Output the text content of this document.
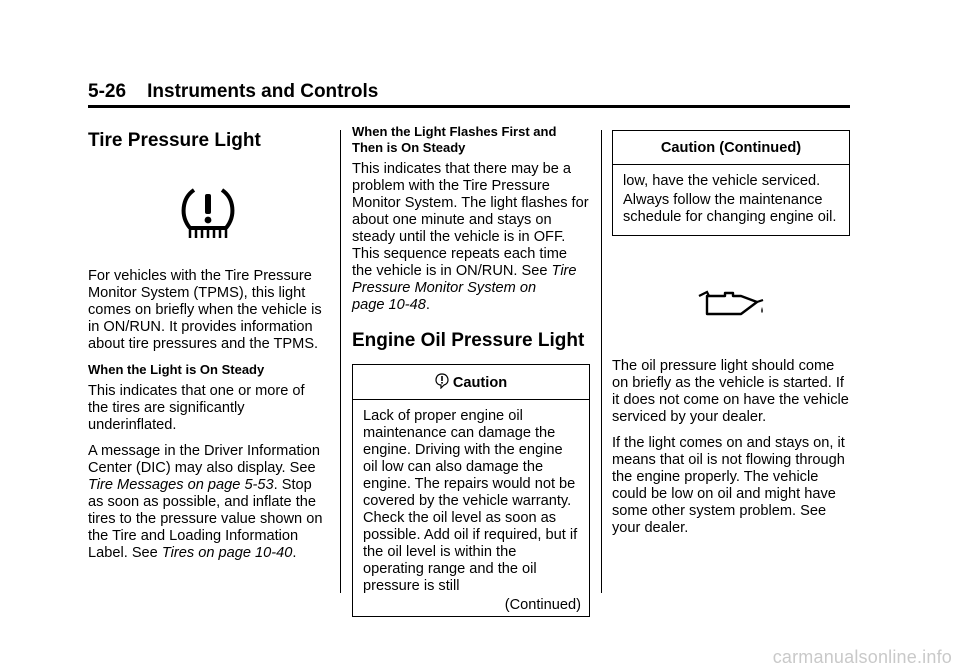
5-26 Instruments and Controls
Tire Pressure Light

For vehicles with the Tire Pressure Monitor System (TPMS), this light comes on briefly when the vehicle is in ON/RUN. It provides information about tire pressures and the TPMS.

When the Light is On Steady

This indicates that one or more of the tires are significantly underinflated.

A message in the Driver Information Center (DIC) may also display. See Tire Messages on page 5-53. Stop as soon as possible, and inflate the tires to the pressure value shown on the Tire and Loading Information Label. See Tires on page 10-40.

When the Light Flashes First and Then is On Steady

This indicates that there may be a problem with the Tire Pressure Monitor System. The light flashes for about one minute and stays on steady until the vehicle is in OFF. This sequence repeats each time the vehicle is in ON/RUN. See Tire Pressure Monitor System on page 10-48.

Engine Oil Pressure Light
Caution

Lack of proper engine oil maintenance can damage the engine. Driving with the engine oil low can also damage the engine. The repairs would not be covered by the vehicle warranty. Check the oil level as soon as possible. Add oil if required, but if the oil level is within the operating range and the oil pressure is still

(Continued)
Caution (Continued)

low, have the vehicle serviced.

Always follow the maintenance schedule for changing engine oil.

The oil pressure light should come on briefly as the vehicle is started. If it does not come on have the vehicle serviced by your dealer.

If the light comes on and stays on, it means that oil is not flowing through the engine properly. The vehicle could be low on oil and might have some other system problem. See your dealer.

carmanualsonline.info
